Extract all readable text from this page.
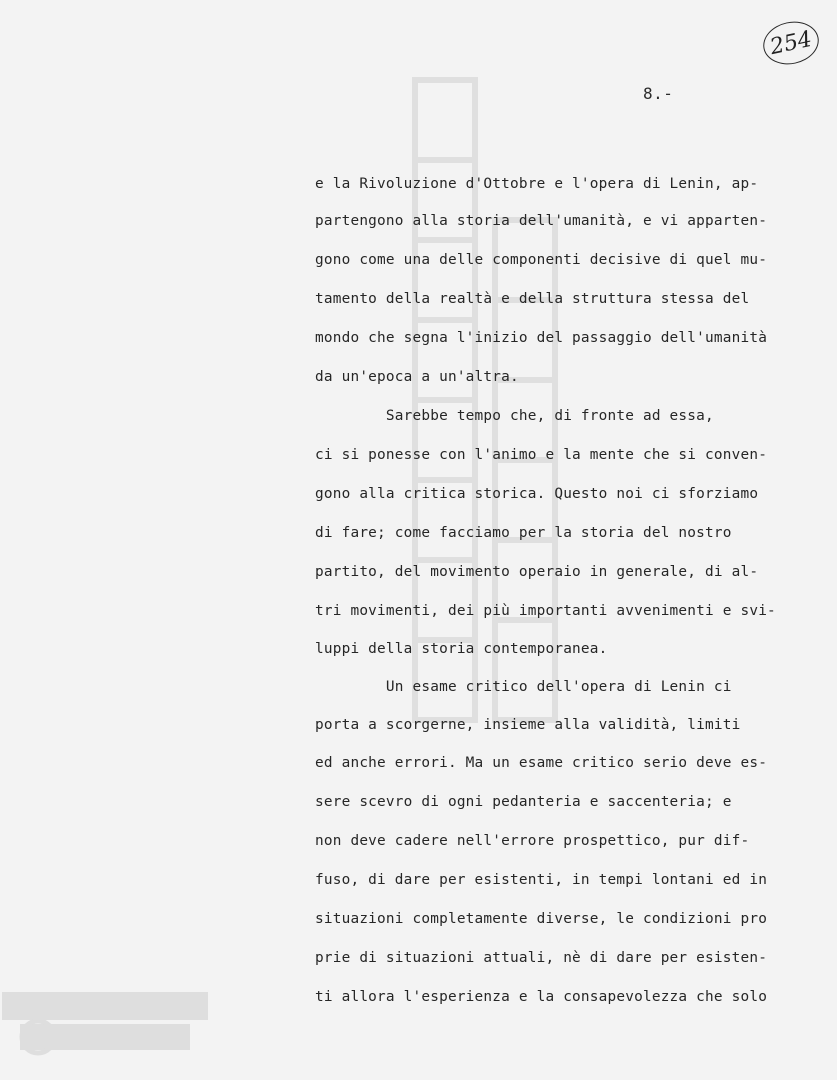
254
8.-
e la Rivoluzione d'Ottobre e l'opera di Lenin, ap-
partengono alla storia dell'umanità, e vi apparten-
gono come una delle componenti decisive di quel mu-
tamento della realtà e della struttura stessa del
mondo che segna l'inizio del passaggio dell'umanità
da un'epoca a un'altra.
Sarebbe tempo che, di fronte ad essa,
ci si ponesse con l'animo e la mente che si conven-
gono alla critica storica. Questo noi ci sforziamo
di fare; come facciamo per la storia del nostro
partito, del movimento operaio in generale, di al-
tri movimenti, dei più importanti avvenimenti e svi-
luppi della storia contemporanea.
Un esame critico dell'opera di Lenin ci
porta a scorgerne, insieme alla validità, limiti
ed anche errori. Ma un esame critico serio deve es-
sere scevro di ogni pedanteria e saccenteria; e
non deve cadere nell'errore prospettico, pur dif-
fuso, di dare per esistenti, in tempi lontani ed in
situazioni completamente diverse, le condizioni pro
prie di situazioni attuali, nè di dare per esisten-
ti allora l'esperienza e la consapevolezza che solo
